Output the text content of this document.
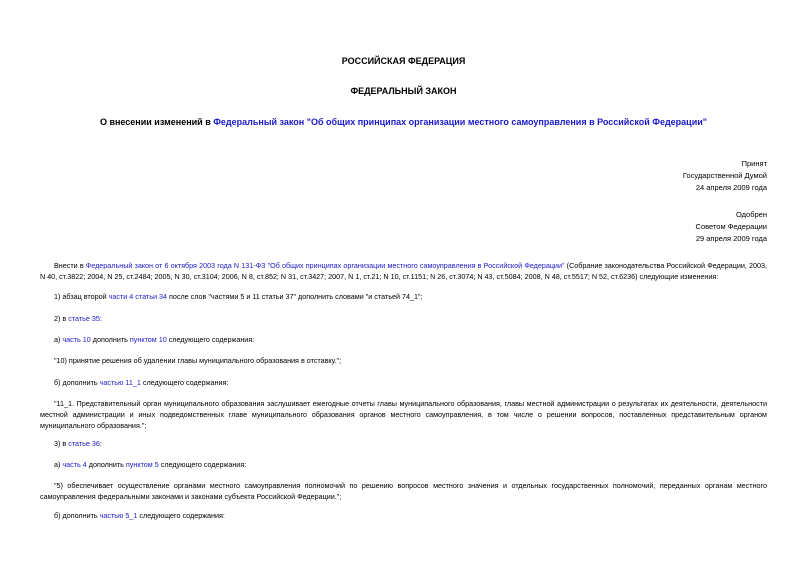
РОССИЙСКАЯ ФЕДЕРАЦИЯ
ФЕДЕРАЛЬНЫЙ ЗАКОН
О внесении изменений в Федеральный закон "Об общих принципах организации местного самоуправления в Российской Федерации"
Принят
Государственной Думой
24 апреля 2009 года
Одобрен
Советом Федерации
29 апреля 2009 года
Внести в Федеральный закон от 6 октября 2003 года N 131-ФЗ "Об общих принципах организации местного самоуправления в Российской Федерации" (Собрание законодательства Российской Федерации, 2003, N 40, ст.3822; 2004, N 25, ст.2484; 2005, N 30, ст.3104; 2006, N 8, ст.852; N 31, ст.3427; 2007, N 1, ст.21; N 10, ст.1151; N 26, ст.3074; N 43, ст.5084; 2008, N 48, ст.5517; N 52, ст.6236) следующие изменения:
1) абзац второй части 4 статьи 34 после слов "частями 5 и 11 статьи 37" дополнить словами "и статьей 74_1";
2) в статье 35:
а) часть 10 дополнить пунктом 10 следующего содержания:
"10) принятие решения об удалении главы муниципального образования в отставку.";
б) дополнить частью 11_1 следующего содержания:
"11_1. Представительный орган муниципального образования заслушивает ежегодные отчеты главы муниципального образования, главы местной администрации о результатах их деятельности, деятельности местной администрации и иных подведомственных главе муниципального образования органов местного самоуправления, в том числе о решении вопросов, поставленных представительным органом муниципального образования.";
3) в статье 36:
а) часть 4 дополнить пунктом 5 следующего содержания:
"5) обеспечивает осуществление органами местного самоуправления полномочий по решению вопросов местного значения и отдельных государственных полномочий, переданных органам местного самоуправления федеральными законами и законами субъекта Российской Федерации.";
б) дополнить частью 5_1 следующего содержания:
